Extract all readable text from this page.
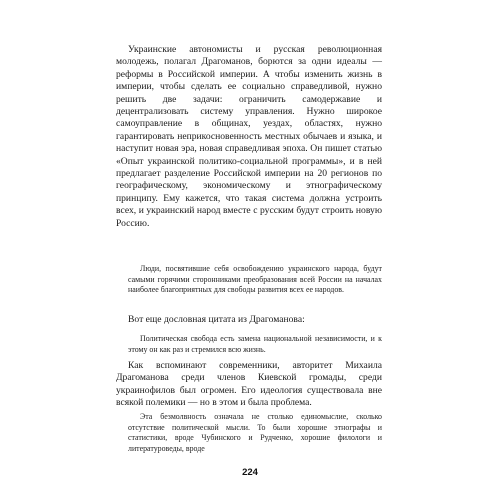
Украинские автономисты и русская революционная молодежь, полагал Драгоманов, борются за одни идеалы — реформы в Российской империи. А чтобы изменить жизнь в империи, чтобы сделать ее социально справедливой, нужно решить две задачи: ограничить самодержавие и децентрализовать систему управления. Нужно широкое самоуправление в общинах, уездах, областях, нужно гарантировать неприкосновенность местных обычаев и языка, и наступит новая эра, новая справедливая эпоха. Он пишет статью «Опыт украинской политико-социальной программы», и в ней предлагает разделение Российской империи на 20 регионов по географическому, экономическому и этнографическому принципу. Ему кажется, что такая система должна устроить всех, и украинский народ вместе с русским будут строить новую Россию.

Люди, посвятившие себя освобождению украинского народа, будут самыми горячими сторонниками преобразования всей России на началах наиболее благоприятных для свободы развития всех ее народов.

Вот еще дословная цитата из Драгоманова:

Политическая свобода есть замена национальной независимости, и к этому он как раз и стремился всю жизнь.

Как вспоминают современники, авторитет Михаила Драгоманова среди членов Киевской громады, среди украинофилов был огромен. Его идеология существовала вне всякой полемики — но в этом и была проблема.

Эта безмолвность означала не столько единомыслие, сколько отсутствие политической мысли. То были хорошие этнографы и статистики, вроде Чубинского и Рудченко, хорошие филологи и литературоведы, вроде

224
